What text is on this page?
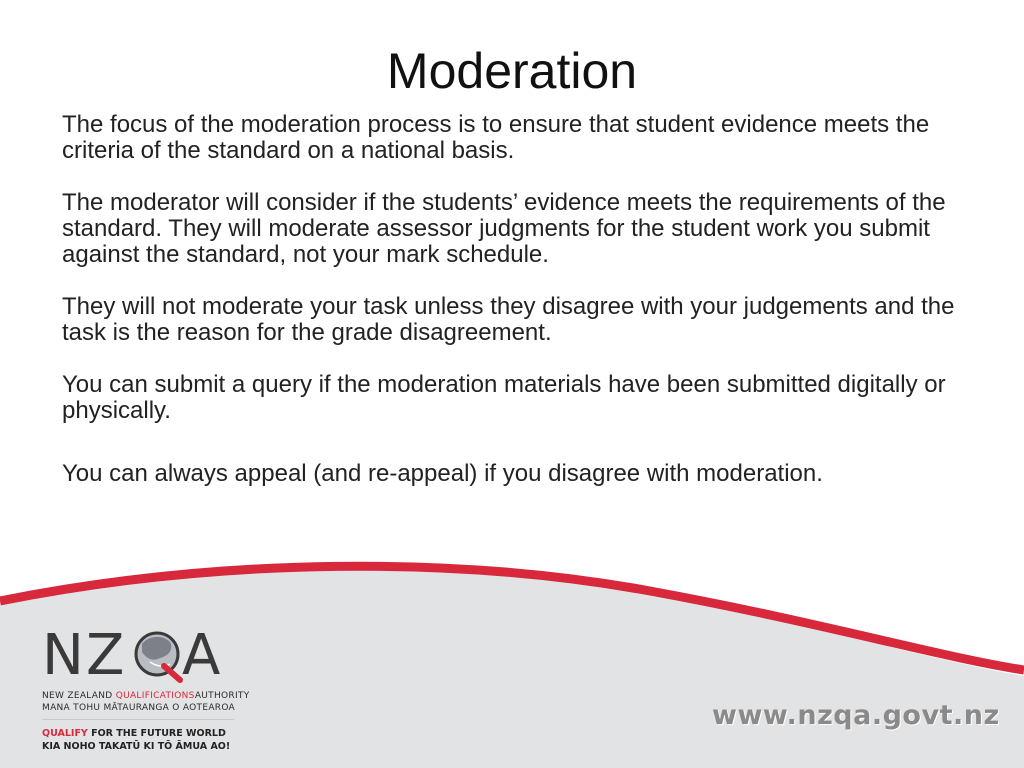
Moderation

The focus of the moderation process is to ensure that student evidence meets the criteria of the standard on a national basis.

The moderator will consider if the students’ evidence meets the requirements of the standard. They will moderate assessor judgments for the student work you submit against the standard, not your mark schedule.

They will not moderate your task unless they disagree with your judgements and the task is the reason for the grade disagreement.

You can submit a query if the moderation materials have been submitted digitally or physically.

You can always appeal (and re-appeal) if you disagree with moderation.

N Z A
NEW ZEALAND QUALIFICATIONSAUTHORITY
MANA TOHU MĀTAURANGA O AOTEAROA
QUALIFY FOR THE FUTURE WORLD
KIA NOHO TAKATŪ KI TŌ ĀMUA AO!
www.nzqa.govt.nz
